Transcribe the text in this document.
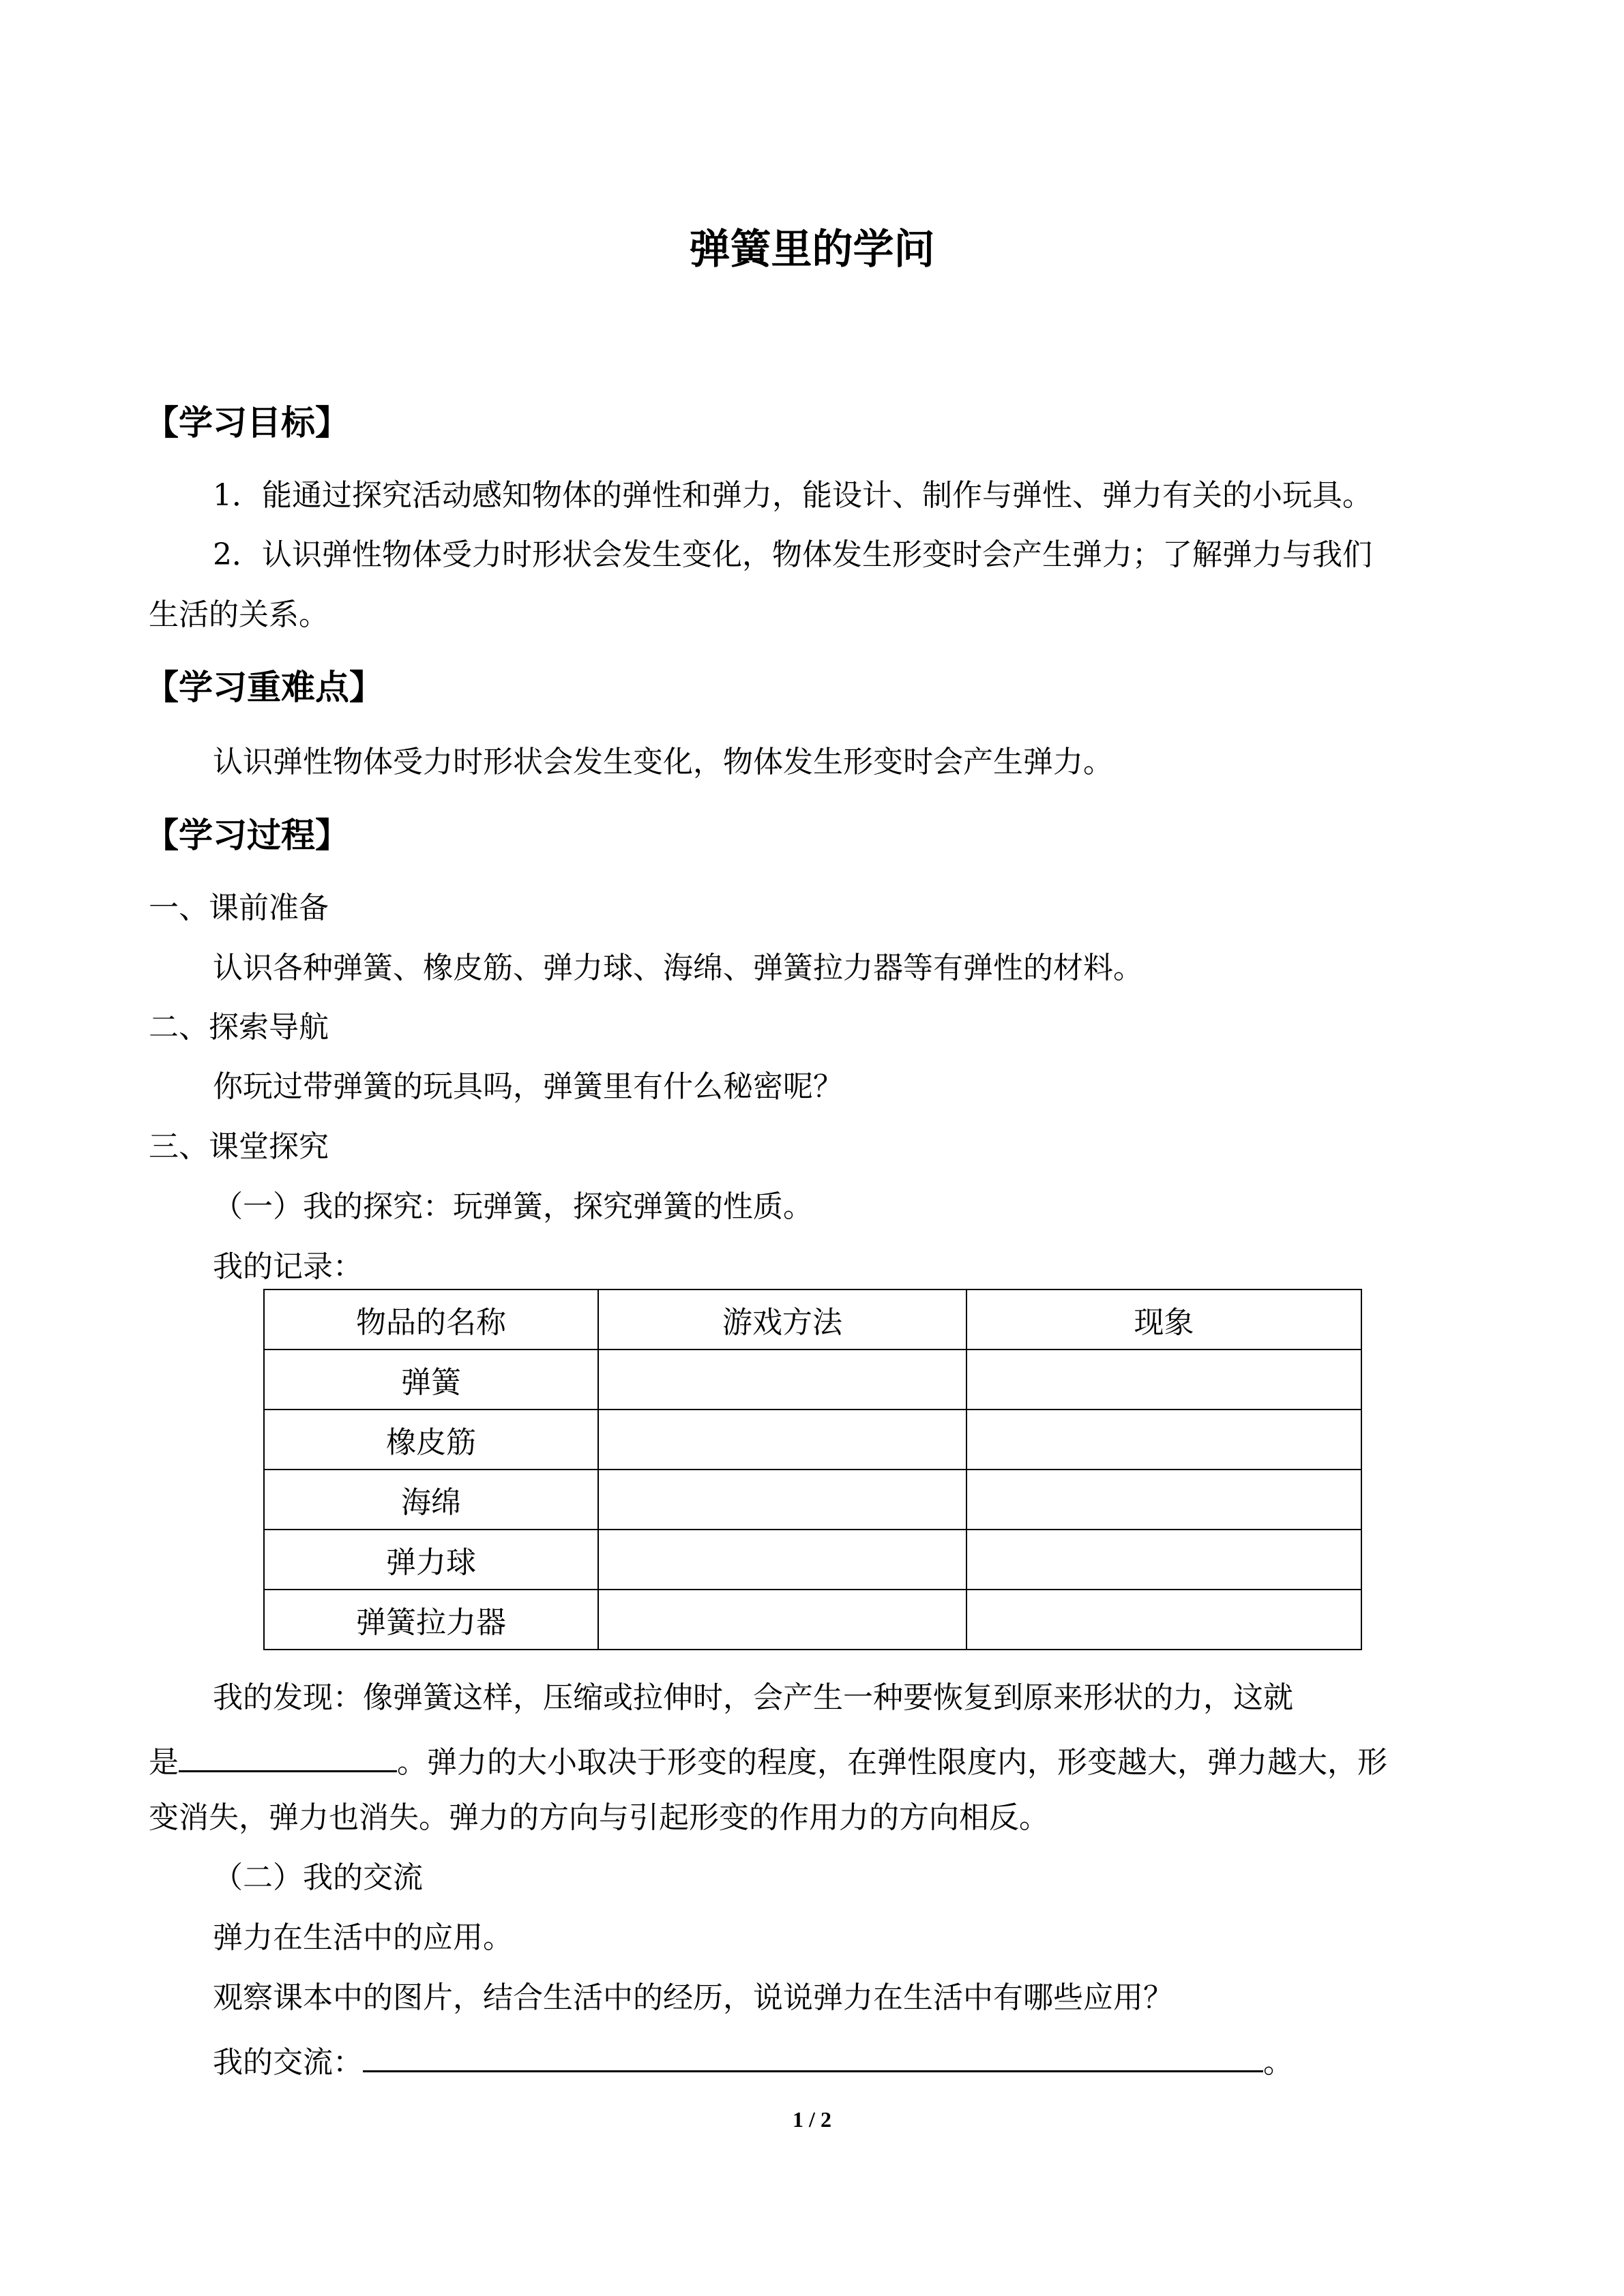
弹簧里的学问
【学习目标】
1．能通过探究活动感知物体的弹性和弹力，能设计、制作与弹性、弹力有关的小玩具。
2．认识弹性物体受力时形状会发生变化，物体发生形变时会产生弹力；了解弹力与我们
生活的关系。
【学习重难点】
认识弹性物体受力时形状会发生变化，物体发生形变时会产生弹力。
【学习过程】
一、课前准备
认识各种弹簧、橡皮筋、弹力球、海绵、弹簧拉力器等有弹性的材料。
二、探索导航
你玩过带弹簧的玩具吗，弹簧里有什么秘密呢？
三、课堂探究
（一）我的探究：玩弹簧，探究弹簧的性质。
我的记录：
物品的名称	游戏方法	现象
弹簧		
橡皮筋		
海绵		
弹力球		
弹簧拉力器		
我的发现：像弹簧这样，压缩或拉伸时，会产生一种要恢复到原来形状的力，这就
是	。弹力的大小取决于形变的程度，在弹性限度内，形变越大，弹力越大，形
变消失，弹力也消失。弹力的方向与引起形变的作用力的方向相反。
（二）我的交流
弹力在生活中的应用。
观察课本中的图片，结合生活中的经历，说说弹力在生活中有哪些应用？
我的交流：	。
1 / 2
